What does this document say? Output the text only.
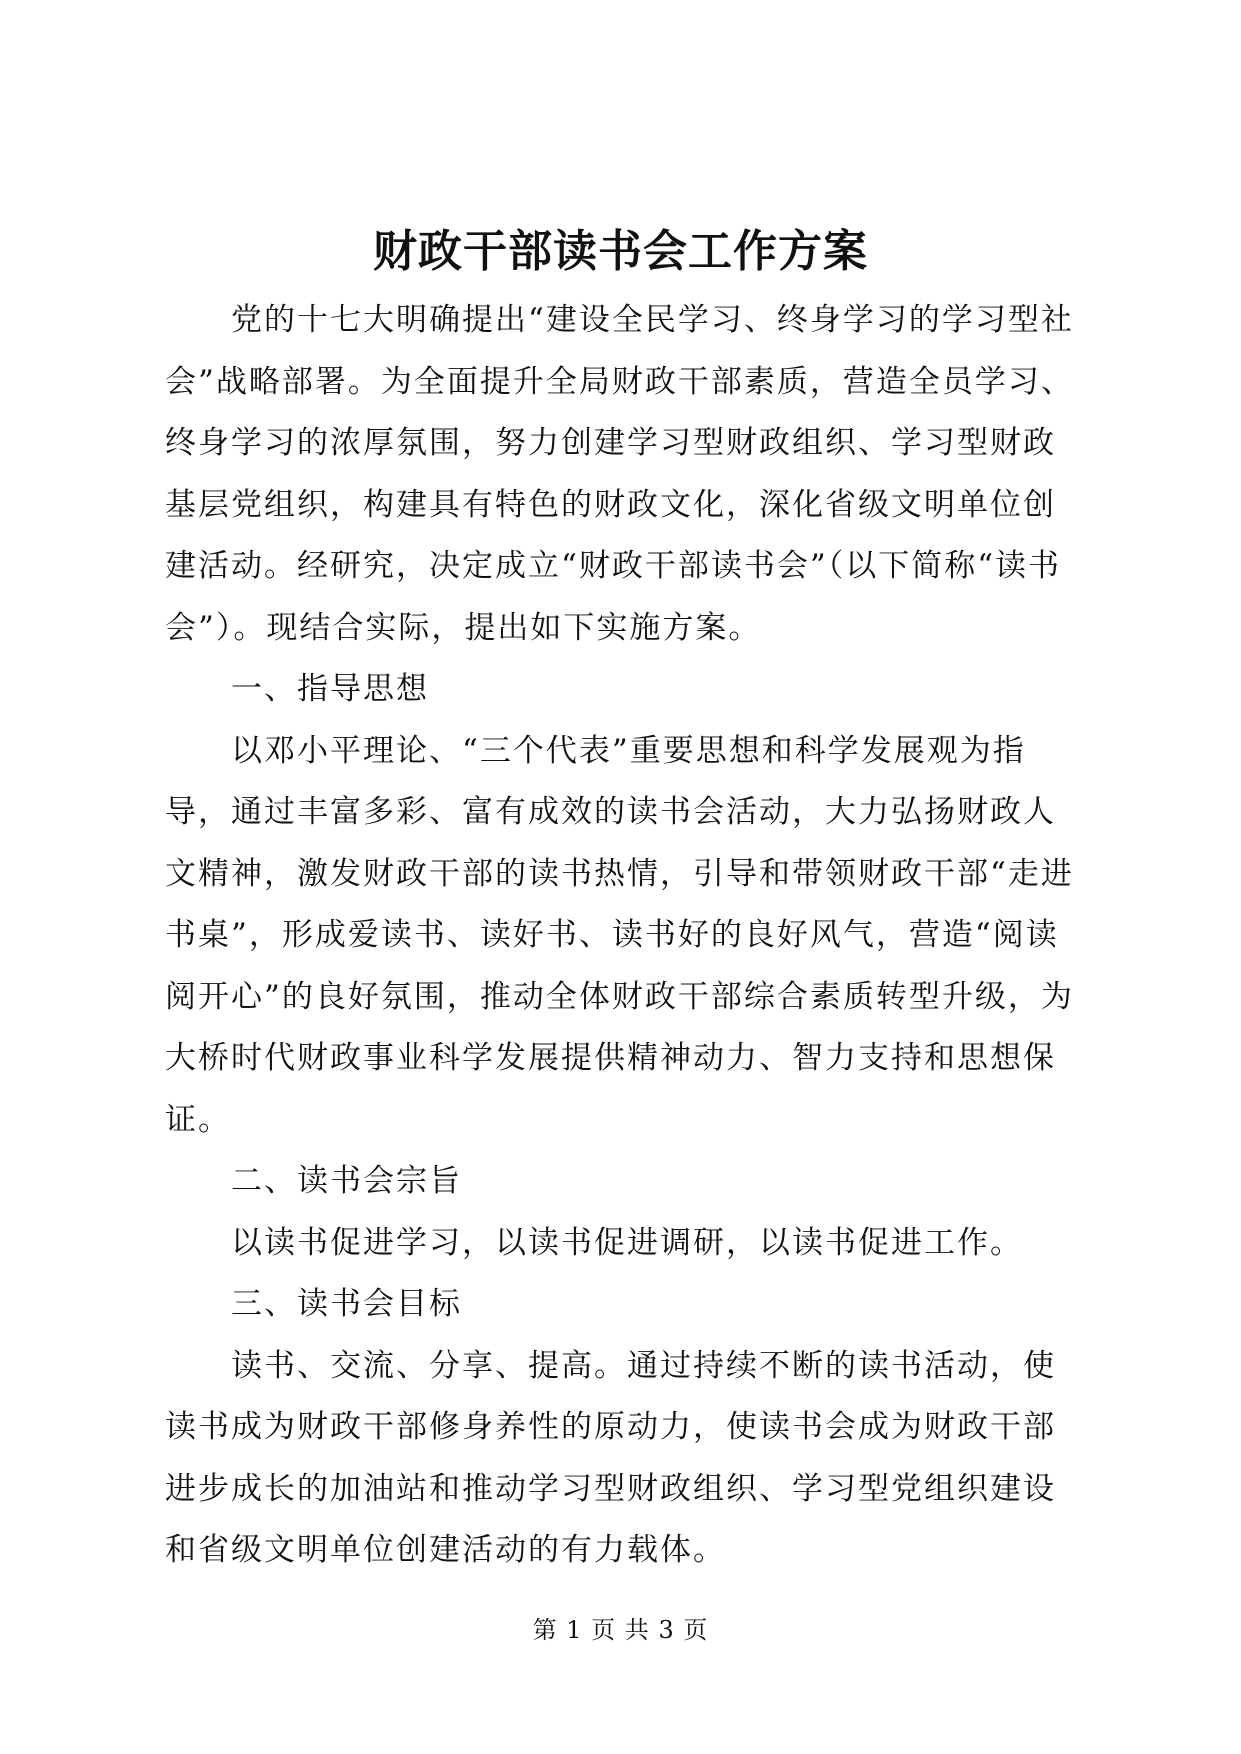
财政干部读书会工作方案

党的十七大明确提出“建设全民学习、终身学习的学习型社会”战略部署。为全面提升全局财政干部素质，营造全员学习、终身学习的浓厚氛围，努力创建学习型财政组织、学习型财政基层党组织，构建具有特色的财政文化，深化省级文明单位创建活动。经研究，决定成立“财政干部读书会”（以下简称“读书会”）。现结合实际，提出如下实施方案。

一、指导思想

以邓小平理论、“三个代表”重要思想和科学发展观为指导，通过丰富多彩、富有成效的读书会活动，大力弘扬财政人文精神，激发财政干部的读书热情，引导和带领财政干部“走进书桌”，形成爱读书、读好书、读书好的良好风气，营造“阅读阅开心”的良好氛围，推动全体财政干部综合素质转型升级，为大桥时代财政事业科学发展提供精神动力、智力支持和思想保证。

二、读书会宗旨

以读书促进学习，以读书促进调研，以读书促进工作。

三、读书会目标

读书、交流、分享、提高。通过持续不断的读书活动，使读书成为财政干部修身养性的原动力，使读书会成为财政干部进步成长的加油站和推动学习型财政组织、学习型党组织建设和省级文明单位创建活动的有力载体。

第 1 页 共 3 页
